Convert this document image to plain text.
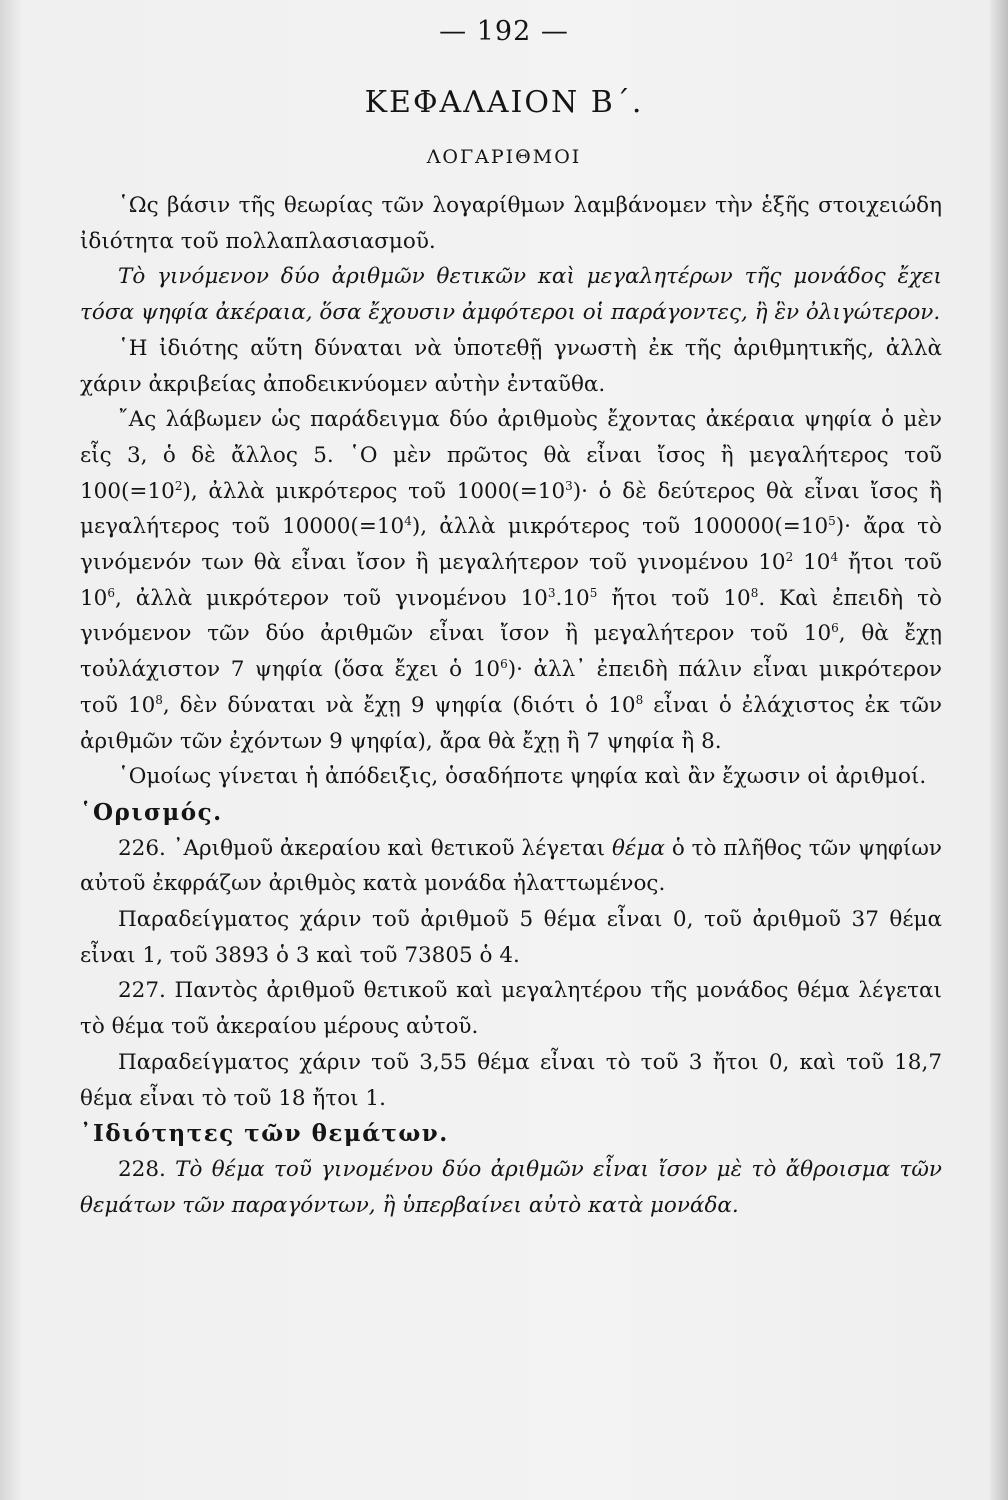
— 192 —
ΚΕΦΑΛΑΙΟΝ Β΄.
ΛΟΓΑΡΙΘΜΟΙ

῾Ως βάσιν τῆς θεωρίας τῶν λογαρίθμων λαμβάνομεν τὴν ἑξῆς στοιχειώδη ἰδιότητα τοῦ πολλαπλασιασμοῦ.

Τὸ γινόμενον δύο ἀριθμῶν θετικῶν καὶ μεγαλητέρων τῆς μονάδος ἔχει τόσα ψηφία ἀκέραια, ὅσα ἔχουσιν ἀμφότεροι οἱ παράγοντες, ἢ ἓν ὀλιγώτερον.

῾Η ἰδιότης αὕτη δύναται νὰ ὑποτεθῇ γνωστὴ ἐκ τῆς ἀριθμητικῆς, ἀλλὰ χάριν ἀκριβείας ἀποδεικνύομεν αὐτὴν ἐνταῦθα.

῎Ας λάβωμεν ὡς παράδειγμα δύο ἀριθμοὺς ἔχοντας ἀκέραια ψηφία ὁ μὲν εἷς 3, ὁ δὲ ἄλλος 5. ῾Ο μὲν πρῶτος θὰ εἶναι ἴσος ἢ μεγαλήτερος τοῦ $100(=10^2)$, ἀλλὰ μικρότερος τοῦ $1000(=10^3)\cdot$ ὁ δὲ δεύτερος θὰ εἶναι ἴσος ἢ μεγαλήτερος τοῦ $10000(=10^4)$, ἀλλὰ μικρότερος τοῦ $100000(=10^5)\cdot$ ἄρα τὸ γινόμενόν των θὰ εἶναι ἴσον ἢ μεγαλήτερον τοῦ γινομένου $10^2$ $10^4$ ἤτοι τοῦ $10^6$, ἀλλὰ μικρότερον τοῦ γινομένου $10^3.10^5$ ἤτοι τοῦ $10^8$. Καὶ ἐπειδὴ τὸ γινόμενον τῶν δύο ἀριθμῶν εἶναι ἴσον ἢ μεγαλήτερον τοῦ $10^6$, θὰ ἔχῃ τοὐλάχιστον 7 ψηφία (ὅσα ἔχει ὁ $10^6)\cdot$ ἀλλ᾽ ἐπειδὴ πάλιν εἶναι μικρότερον τοῦ $10^8$, δὲν δύναται νὰ ἔχῃ 9 ψηφία (διότι ὁ $10^8$ εἶναι ὁ ἐλάχιστος ἐκ τῶν ἀριθμῶν τῶν ἐχόντων 9 ψηφία), ἄρα θὰ ἔχῃ ἢ 7 ψηφία ἢ 8.

῾Ομοίως γίνεται ἡ ἀπόδειξις, ὁσαδήποτε ψηφία καὶ ἂν ἔχωσιν οἱ ἀριθμοί.

῾Ορισμός.

226. ᾽Αριθμοῦ ἀκεραίου καὶ θετικοῦ λέγεται θέμα ὁ τὸ πλῆθος τῶν ψηφίων αὐτοῦ ἐκφράζων ἀριθμὸς κατὰ μονάδα ἠλαττωμένος.

Παραδείγματος χάριν τοῦ ἀριθμοῦ 5 θέμα εἶναι 0, τοῦ ἀριθμοῦ 37 θέμα εἶναι 1, τοῦ 3893 ὁ 3 καὶ τοῦ 73805 ὁ 4.

227. Παντὸς ἀριθμοῦ θετικοῦ καὶ μεγαλητέρου τῆς μονάδος θέμα λέγεται τὸ θέμα τοῦ ἀκεραίου μέρους αὐτοῦ.

Παραδείγματος χάριν τοῦ 3,55 θέμα εἶναι τὸ τοῦ 3 ἤτοι 0, καὶ τοῦ 18,7 θέμα εἶναι τὸ τοῦ 18 ἤτοι 1.

᾽Ιδιότητες τῶν θεμάτων.

228. Τὸ θέμα τοῦ γινομένου δύο ἀριθμῶν εἶναι ἴσον μὲ τὸ ἄθροισμα τῶν θεμάτων τῶν παραγόντων, ἢ ὑπερβαίνει αὐτὸ κατὰ μονάδα.
